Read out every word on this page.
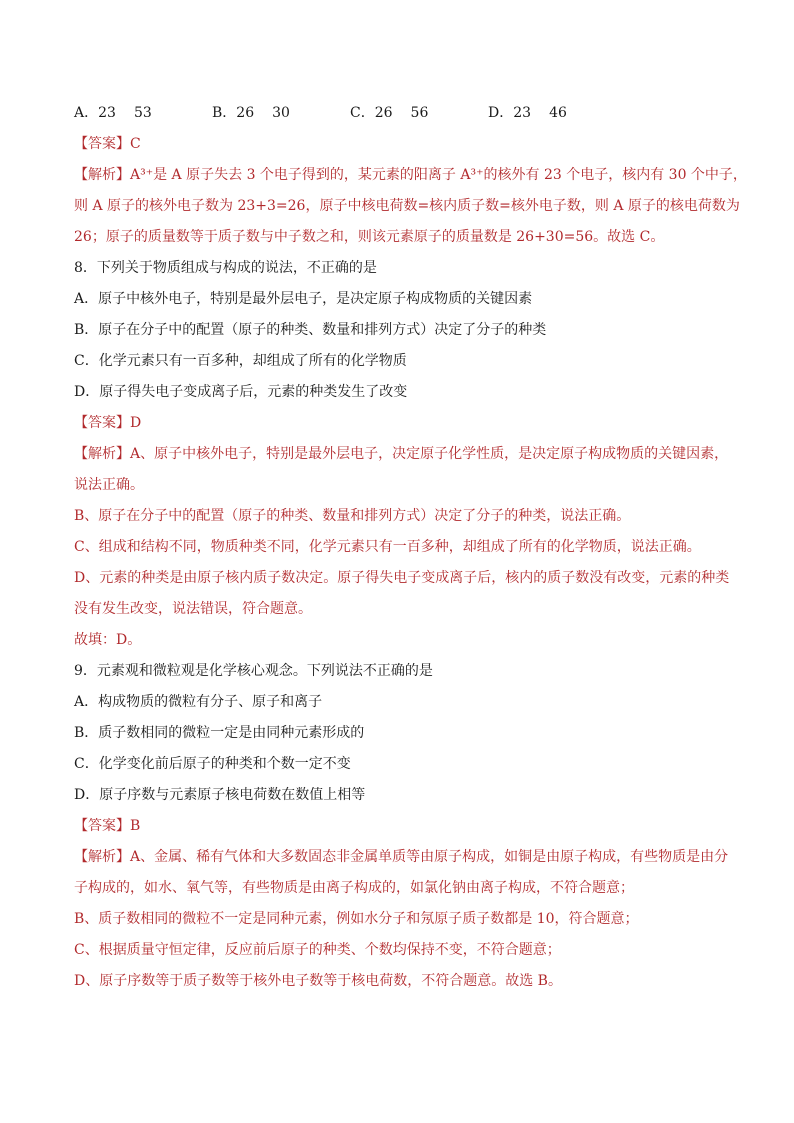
A．23 53	B．26 30	C．26 56	D．23 46
【答案】C
【解析】A³⁺是 A 原子失去 3 个电子得到的，某元素的阳离子 A³⁺的核外有 23 个电子，核内有 30 个中子，
则 A 原子的核外电子数为 23+3=26，原子中核电荷数=核内质子数=核外电子数，则 A 原子的核电荷数为
26；原子的质量数等于质子数与中子数之和，则该元素原子的质量数是 26+30=56。故选 C。
8．下列关于物质组成与构成的说法，不正确的是
A．原子中核外电子，特别是最外层电子，是决定原子构成物质的关键因素
B．原子在分子中的配置（原子的种类、数量和排列方式）决定了分子的种类
C．化学元素只有一百多种，却组成了所有的化学物质
D．原子得失电子变成离子后，元素的种类发生了改变
【答案】D
【解析】A、原子中核外电子，特别是最外层电子，决定原子化学性质，是决定原子构成物质的关键因素，
说法正确。
B、原子在分子中的配置（原子的种类、数量和排列方式）决定了分子的种类，说法正确。
C、组成和结构不同，物质种类不同，化学元素只有一百多种，却组成了所有的化学物质，说法正确。
D、元素的种类是由原子核内质子数决定。原子得失电子变成离子后，核内的质子数没有改变，元素的种类
没有发生改变，说法错误，符合题意。
故填：D。
9．元素观和微粒观是化学核心观念。下列说法不正确的是
A．构成物质的微粒有分子、原子和离子
B．质子数相同的微粒一定是由同种元素形成的
C．化学变化前后原子的种类和个数一定不变
D．原子序数与元素原子核电荷数在数值上相等
【答案】B
【解析】A、金属、稀有气体和大多数固态非金属单质等由原子构成，如铜是由原子构成，有些物质是由分
子构成的，如水、氧气等，有些物质是由离子构成的，如氯化钠由离子构成，不符合题意；
B、质子数相同的微粒不一定是同种元素，例如水分子和氖原子质子数都是 10，符合题意；
C、根据质量守恒定律，反应前后原子的种类、个数均保持不变，不符合题意；
D、原子序数等于质子数等于核外电子数等于核电荷数，不符合题意。故选 B。
